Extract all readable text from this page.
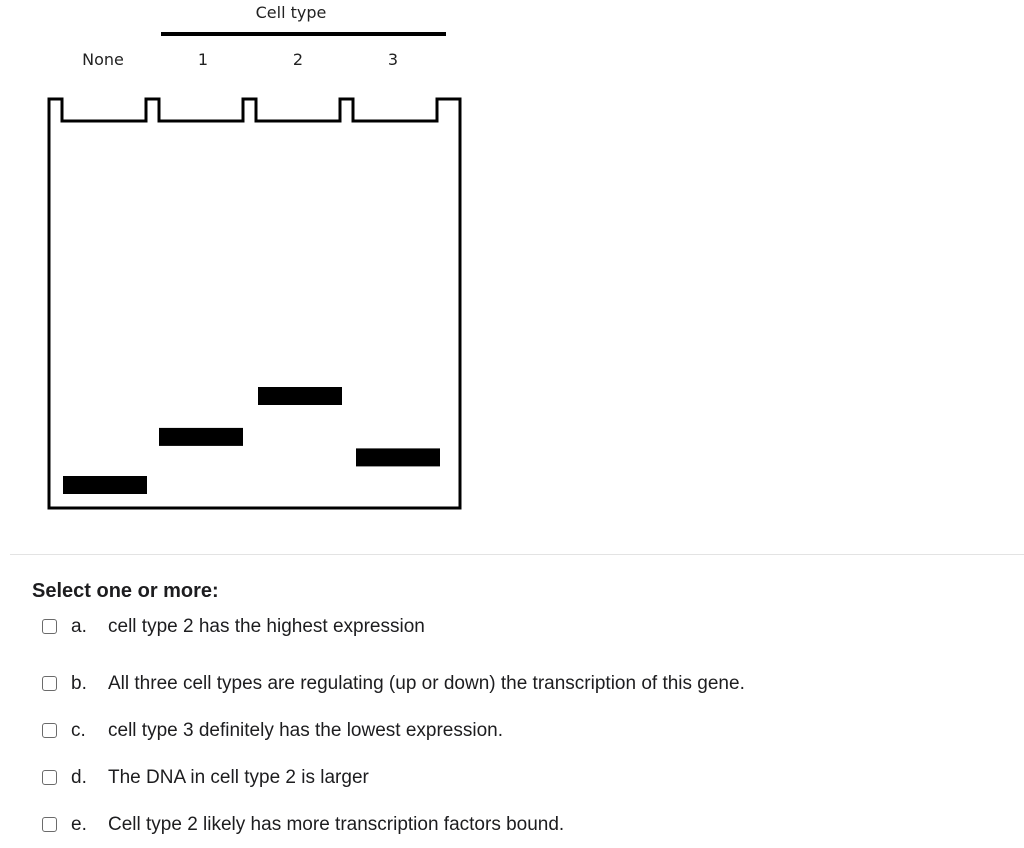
Cell type
None	1	2	3

Select one or more:

a.	cell type 2 has the highest expression
b.	All three cell types are regulating (up or down) the transcription of this gene.
c.	cell type 3 definitely has the lowest expression.
d.	The DNA in cell type 2 is larger
e.	Cell type 2 likely has more transcription factors bound.
